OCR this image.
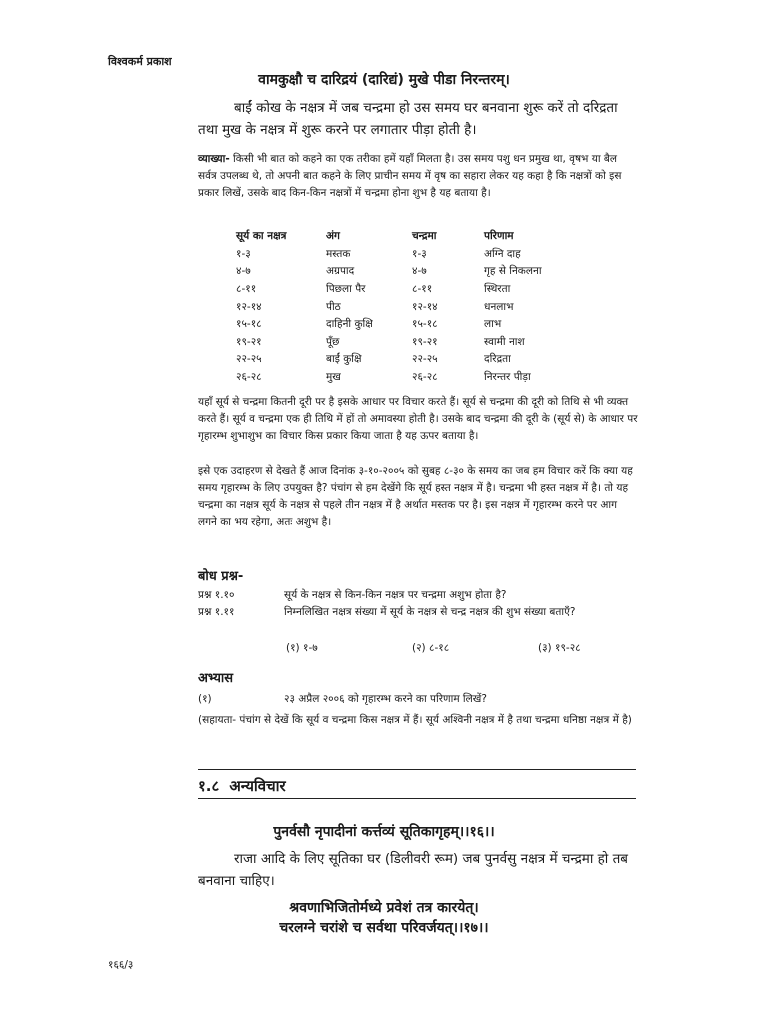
विश्वकर्म प्रकाश
वामकुक्षौ च दारिद्रयं (दारिद्यं) मुखे पीडा निरन्तरम्।
बाईं कोख के नक्षत्र में जब चन्द्रमा हो उस समय घर बनवाना शुरू करें तो दरिद्रता तथा मुख के नक्षत्र में शुरू करने पर लगातार पीड़ा होती है।
व्याख्या- किसी भी बात को कहने का एक तरीका हमें यहाँ मिलता है। उस समय पशु धन प्रमुख था, वृषभ या बैल सर्वत्र उपलब्ध थे, तो अपनी बात कहने के लिए प्राचीन समय में वृष का सहारा लेकर यह कहा है कि नक्षत्रों को इस प्रकार लिखें, उसके बाद किन-किन नक्षत्रों में चन्द्रमा होना शुभ है यह बताया है।
सूर्य का नक्षत्र	अंग	चन्द्रमा	परिणाम
१-३	मस्तक	१-३	अग्नि दाह
४-७	अग्रपाद	४-७	गृह से निकलना
८-११	पिछला पैर	८-११	स्थिरता
१२-१४	पीठ	१२-१४	धनलाभ
१५-१८	दाहिनी कुक्षि	१५-१८	लाभ
१९-२१	पूँछ	१९-२१	स्वामी नाश
२२-२५	बाईं कुक्षि	२२-२५	दरिद्रता
२६-२८	मुख	२६-२८	निरन्तर पीड़ा
यहाँ सूर्य से चन्द्रमा कितनी दूरी पर है इसके आधार पर विचार करते हैं। सूर्य से चन्द्रमा की दूरी को तिथि से भी व्यक्त करते हैं। सूर्य व चन्द्रमा एक ही तिथि में हों तो अमावस्या होती है। उसके बाद चन्द्रमा की दूरी के (सूर्य से) के आधार पर गृहारम्भ शुभाशुभ का विचार किस प्रकार किया जाता है यह ऊपर बताया है।
इसे एक उदाहरण से देखते हैं आज दिनांक ३-१०-२००५ को सुबह ८-३० के समय का जब हम विचार करें कि क्या यह समय गृहारम्भ के लिए उपयुक्त है? पंचांग से हम देखेंगे कि सूर्य हस्त नक्षत्र में है। चन्द्रमा भी हस्त नक्षत्र में है। तो यह चन्द्रमा का नक्षत्र सूर्य के नक्षत्र से पहले तीन नक्षत्र में है अर्थात मस्तक पर है। इस नक्षत्र में गृहारम्भ करने पर आग लगने का भय रहेगा, अतः अशुभ है।
बोध प्रश्न-
प्रश्न १.१०	सूर्य के नक्षत्र से किन-किन नक्षत्र पर चन्द्रमा अशुभ होता है?
प्रश्न १.११	निम्नलिखित नक्षत्र संख्या में सूर्य के नक्षत्र से चन्द्र नक्षत्र की शुभ संख्या बताएँ?
(१) १-७	(२) ८-१८	(३) १९-२८
अभ्यास
(१)	२३ अप्रैल २००६ को गृहारम्भ करने का परिणाम लिखें?
(सहायता- पंचांग से देखें कि सूर्य व चन्द्रमा किस नक्षत्र में हैं। सूर्य अश्विनी नक्षत्र में है तथा चन्द्रमा धनिष्ठा नक्षत्र में है)
१.८ अन्यविचार
पुनर्वसौ नृपादीनां कर्त्तव्यं सूतिकागृहम्।।१६।।
राजा आदि के लिए सूतिका घर (डिलीवरी रूम) जब पुनर्वसु नक्षत्र में चन्द्रमा हो तब बनवाना चाहिए।
श्रवणाभिजितोर्मध्ये प्रवेशं तत्र कारयेत्।
चरलग्ने चरांशे च सर्वथा परिवर्जयत्।।१७।।
१६६/३
